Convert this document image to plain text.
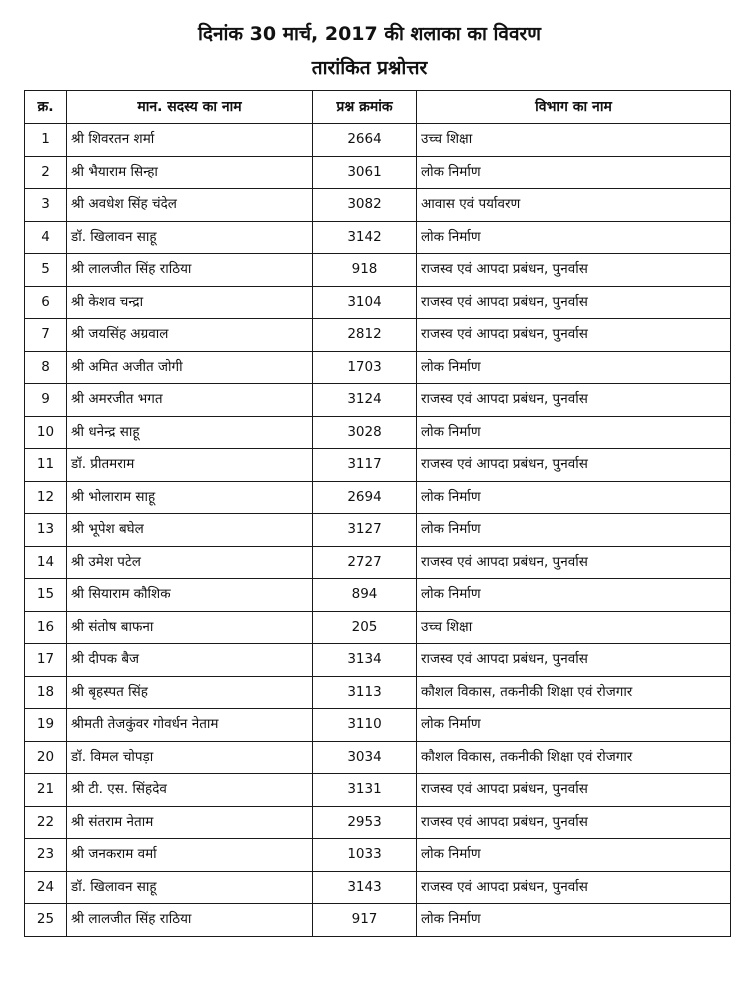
दिनांक 30 मार्च, 2017 की शलाका का विवरण
तारांकित प्रश्नोत्तर
क्र.	मान. सदस्य का नाम	प्रश्न क्रमांक	विभाग का नाम
1	श्री शिवरतन शर्मा	2664	उच्च शिक्षा
2	श्री भैयाराम सिन्हा	3061	लोक निर्माण
3	श्री अवधेश सिंह चंदेल	3082	आवास एवं पर्यावरण
4	डॉ. खिलावन साहू	3142	लोक निर्माण
5	श्री लालजीत सिंह राठिया	918	राजस्व एवं आपदा प्रबंधन, पुनर्वास
6	श्री केशव चन्द्रा	3104	राजस्व एवं आपदा प्रबंधन, पुनर्वास
7	श्री जयसिंह अग्रवाल	2812	राजस्व एवं आपदा प्रबंधन, पुनर्वास
8	श्री अमित अजीत जोगी	1703	लोक निर्माण
9	श्री अमरजीत भगत	3124	राजस्व एवं आपदा प्रबंधन, पुनर्वास
10	श्री धनेन्द्र साहू	3028	लोक निर्माण
11	डॉ. प्रीतमराम	3117	राजस्व एवं आपदा प्रबंधन, पुनर्वास
12	श्री भोलाराम साहू	2694	लोक निर्माण
13	श्री भूपेश बघेल	3127	लोक निर्माण
14	श्री उमेश पटेल	2727	राजस्व एवं आपदा प्रबंधन, पुनर्वास
15	श्री सियाराम कौशिक	894	लोक निर्माण
16	श्री संतोष बाफना	205	उच्च शिक्षा
17	श्री दीपक बैज	3134	राजस्व एवं आपदा प्रबंधन, पुनर्वास
18	श्री बृहस्पत सिंह	3113	कौशल विकास, तकनीकी शिक्षा एवं रोजगार
19	श्रीमती तेजकुंवर गोवर्धन नेताम	3110	लोक निर्माण
20	डॉ. विमल चोपड़ा	3034	कौशल विकास, तकनीकी शिक्षा एवं रोजगार
21	श्री टी. एस. सिंहदेव	3131	राजस्व एवं आपदा प्रबंधन, पुनर्वास
22	श्री संतराम नेताम	2953	राजस्व एवं आपदा प्रबंधन, पुनर्वास
23	श्री जनकराम वर्मा	1033	लोक निर्माण
24	डॉ. खिलावन साहू	3143	राजस्व एवं आपदा प्रबंधन, पुनर्वास
25	श्री लालजीत सिंह राठिया	917	लोक निर्माण
